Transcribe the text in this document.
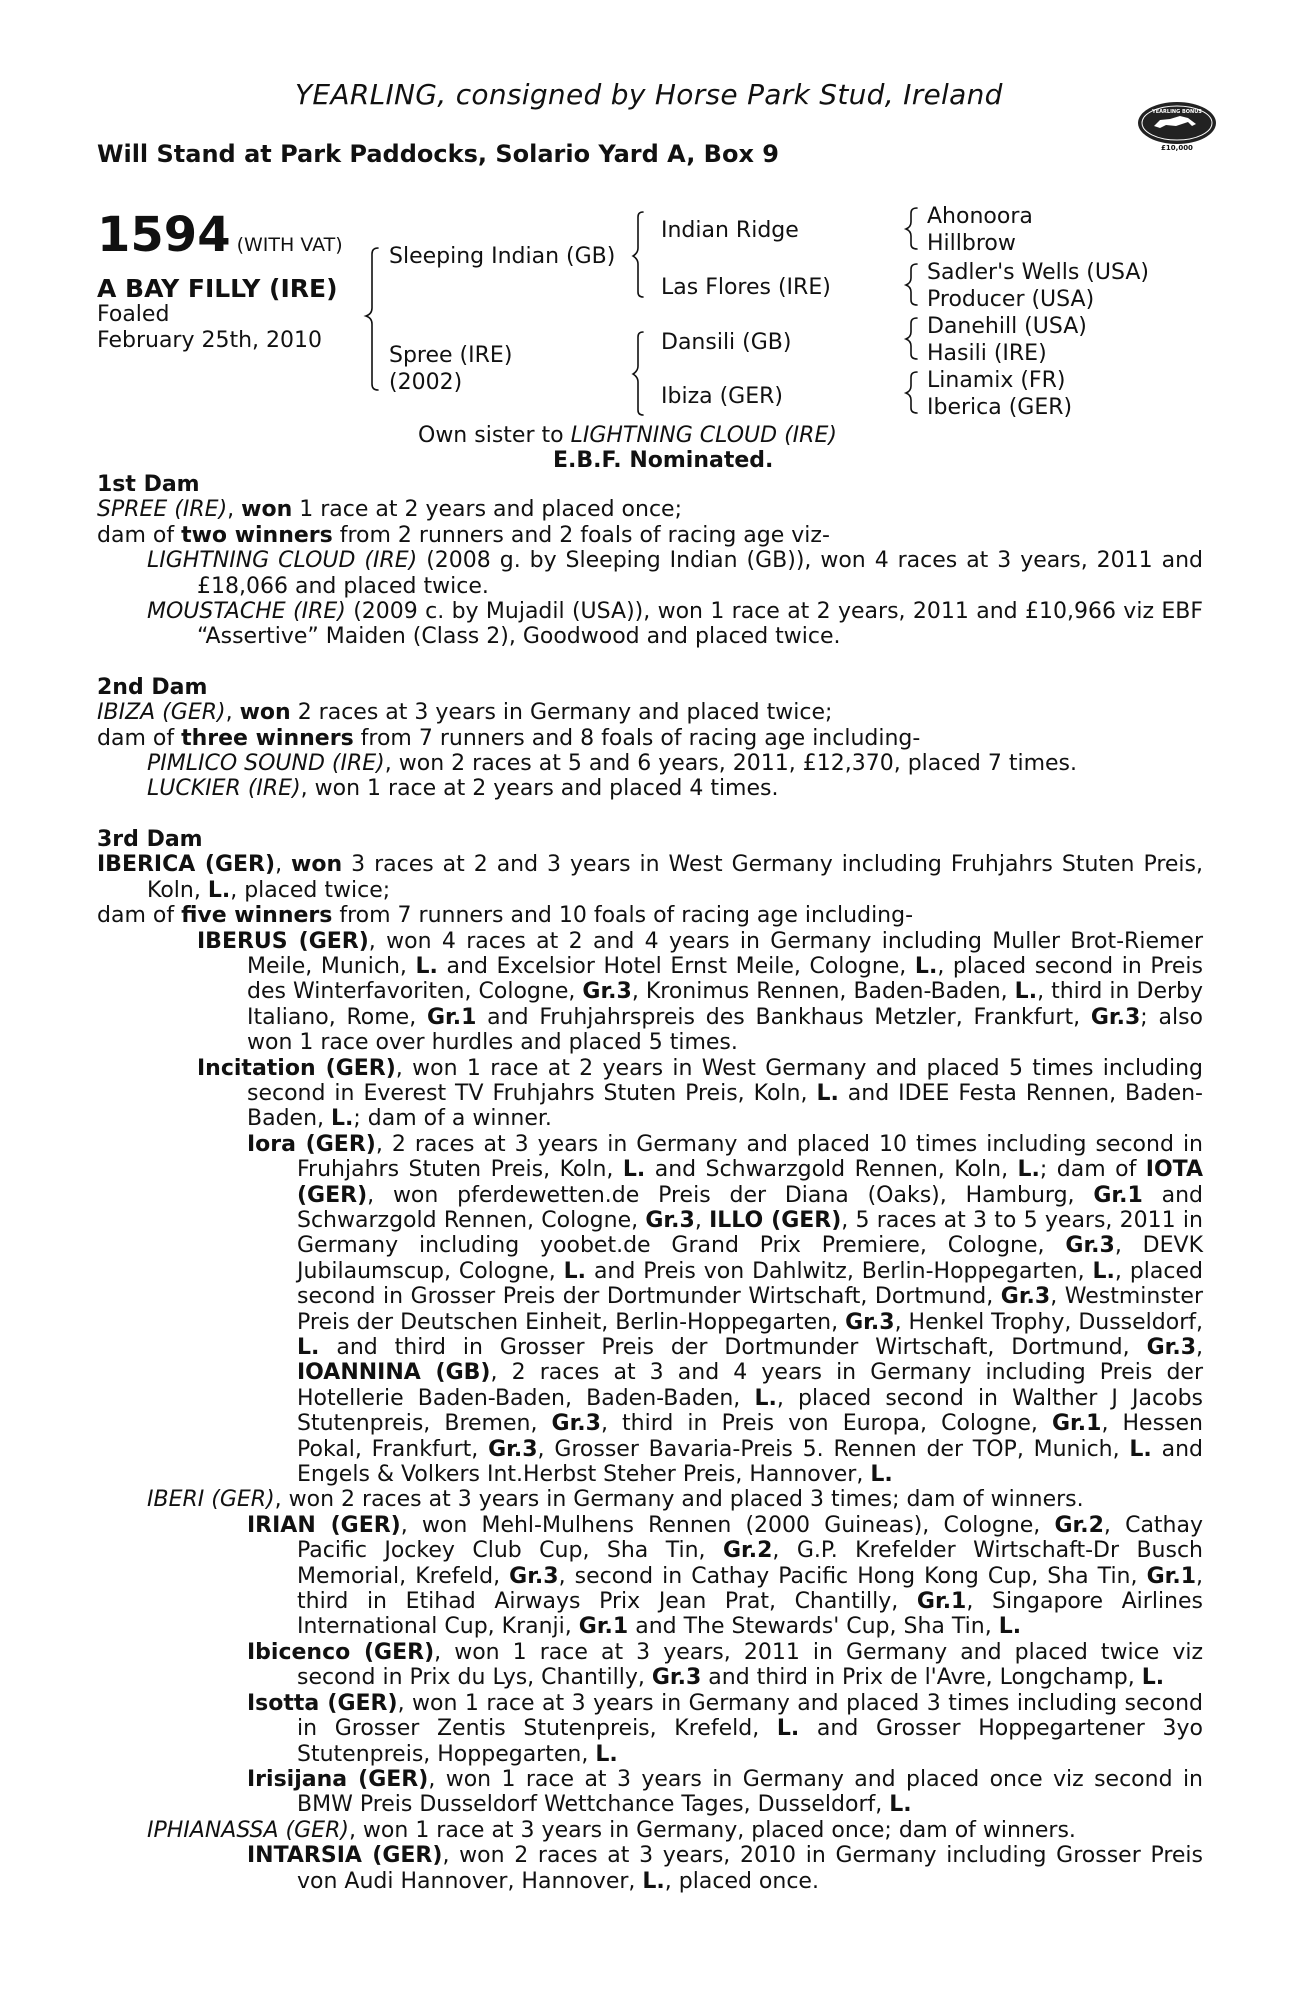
YEARLING, consigned by Horse Park Stud, Ireland
Will Stand at Park Paddocks, Solario Yard A, Box 9
YEARLING BONUS
£10,000
1594 (WITH VAT)
A BAY FILLY (IRE)
Foaled
February 25th, 2010
Sleeping Indian (GB)
Spree (IRE)
(2002)
Indian Ridge
Las Flores (IRE)
Dansili (GB)
Ibiza (GER)
Ahonoora
Hillbrow
Sadler's Wells (USA)
Producer (USA)
Danehill (USA)
Hasili (IRE)
Linamix (FR)
Iberica (GER)
Own sister to LIGHTNING CLOUD (IRE)
E.B.F. Nominated.

1st Dam

SPREE (IRE), won 1 race at 2 years and placed once;

dam of two winners from 2 runners and 2 foals of racing age viz-

LIGHTNING CLOUD (IRE) (2008 g. by Sleeping Indian (GB)), won 4 races at 3 years, 2011 and £18,066 and placed twice.

MOUSTACHE (IRE) (2009 c. by Mujadil (USA)), won 1 race at 2 years, 2011 and £10,966 viz EBF “Assertive” Maiden (Class 2), Goodwood and placed twice.

2nd Dam

IBIZA (GER), won 2 races at 3 years in Germany and placed twice;

dam of three winners from 7 runners and 8 foals of racing age including-

PIMLICO SOUND (IRE), won 2 races at 5 and 6 years, 2011, £12,370, placed 7 times.

LUCKIER (IRE), won 1 race at 2 years and placed 4 times.

3rd Dam

IBERICA (GER), won 3 races at 2 and 3 years in West Germany including Fruhjahrs Stuten Preis, Koln, L., placed twice;

dam of five winners from 7 runners and 10 foals of racing age including-

IBERUS (GER), won 4 races at 2 and 4 years in Germany including Muller Brot-Riemer Meile, Munich, L. and Excelsior Hotel Ernst Meile, Cologne, L., placed second in Preis des Winterfavoriten, Cologne, Gr.3, Kronimus Rennen, Baden-Baden, L., third in Derby Italiano, Rome, Gr.1 and Fruhjahrspreis des Bankhaus Metzler, Frankfurt, Gr.3; also won 1 race over hurdles and placed 5 times.

Incitation (GER), won 1 race at 2 years in West Germany and placed 5 times including second in Everest TV Fruhjahrs Stuten Preis, Koln, L. and IDEE Festa Rennen, Baden-Baden, L.; dam of a winner.

Iora (GER), 2 races at 3 years in Germany and placed 10 times including second in Fruhjahrs Stuten Preis, Koln, L. and Schwarzgold Rennen, Koln, L.; dam of IOTA (GER), won pferdewetten.de Preis der Diana (Oaks), Hamburg, Gr.1 and Schwarzgold Rennen, Cologne, Gr.3, ILLO (GER), 5 races at 3 to 5 years, 2011 in Germany including yoobet.de Grand Prix Premiere, Cologne, Gr.3, DEVK Jubilaumscup, Cologne, L. and Preis von Dahlwitz, Berlin-Hoppegarten, L., placed second in Grosser Preis der Dortmunder Wirtschaft, Dortmund, Gr.3, Westminster Preis der Deutschen Einheit, Berlin-Hoppegarten, Gr.3, Henkel Trophy, Dusseldorf, L. and third in Grosser Preis der Dortmunder Wirtschaft, Dortmund, Gr.3, IOANNINA (GB), 2 races at 3 and 4 years in Germany including Preis der Hotellerie Baden-Baden, Baden-Baden, L., placed second in Walther J Jacobs Stutenpreis, Bremen, Gr.3, third in Preis von Europa, Cologne, Gr.1, Hessen Pokal, Frankfurt, Gr.3, Grosser Bavaria-Preis 5. Rennen der TOP, Munich, L. and Engels & Volkers Int.Herbst Steher Preis, Hannover, L.

IBERI (GER), won 2 races at 3 years in Germany and placed 3 times; dam of winners.

IRIAN (GER), won Mehl-Mulhens Rennen (2000 Guineas), Cologne, Gr.2, Cathay Pacific Jockey Club Cup, Sha Tin, Gr.2, G.P. Krefelder Wirtschaft-Dr Busch Memorial, Krefeld, Gr.3, second in Cathay Pacific Hong Kong Cup, Sha Tin, Gr.1, third in Etihad Airways Prix Jean Prat, Chantilly, Gr.1, Singapore Airlines International Cup, Kranji, Gr.1 and The Stewards' Cup, Sha Tin, L.

Ibicenco (GER), won 1 race at 3 years, 2011 in Germany and placed twice viz second in Prix du Lys, Chantilly, Gr.3 and third in Prix de l'Avre, Longchamp, L.

Isotta (GER), won 1 race at 3 years in Germany and placed 3 times including second in Grosser Zentis Stutenpreis, Krefeld, L. and Grosser Hoppegartener 3yo Stutenpreis, Hoppegarten, L.

Irisijana (GER), won 1 race at 3 years in Germany and placed once viz second in BMW Preis Dusseldorf Wettchance Tages, Dusseldorf, L.

IPHIANASSA (GER), won 1 race at 3 years in Germany, placed once; dam of winners.

INTARSIA (GER), won 2 races at 3 years, 2010 in Germany including Grosser Preis von Audi Hannover, Hannover, L., placed once.
